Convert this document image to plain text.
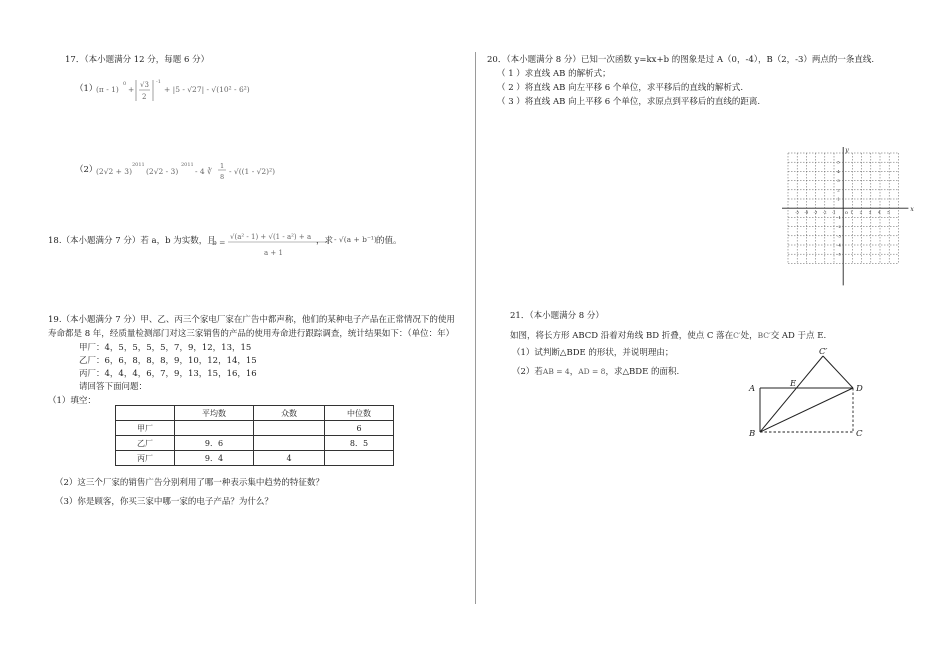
17．（本小题满分 12 分，每题 6 分）
（1）
(π - 1)
0
+ √3
2
-1
+ |5 - √27| - √(10² - 6²)
（2）
(2√2 + 3)
2011
(2√2 - 3)
2011
- 4 ∛
1
8
- √((1 - √2)²)
18.（本小题满分 7 分）若 a，b 为实数，且
b =
√(a² - 1) + √(1 - a²) + a
a + 1
，求 - √(a + b⁻¹) 的值。
19.（本小题满分 7 分）甲、乙、丙三个家电厂家在广告中都声称，他们的某种电子产品在正常情况下的使用
寿命都是 8 年，经质量检测部门对这三家销售的产品的使用寿命进行跟踪调查，统计结果如下：（单位：年）
甲厂：4，5，5，5，5，7，9，12，13，15
乙厂：6，6，8，8，8，9，10，12，14，15
丙厂：4，4，4，6，7，9，13，15，16，16
请回答下面问题：
（1）填空：
	平均数	众数	中位数
甲厂			6
乙厂	9．6		8．5
丙厂	9．4	4	
（2）这三个厂家的销售广告分别利用了哪一种表示集中趋势的特征数？
（3）你是顾客，你买三家中哪一家的电子产品？为什么？
20．（本小题满分 8 分）已知一次函数 y=kx+b 的图象是过 A（0，-4），B（2，-3）两点的一条直线.
（ 1 ）求直线 AB 的解析式；
（ 2 ）将直线 AB 向左平移 6 个单位，求平移后的直线的解析式.
（ 3 ）将直线 AB 向上平移 6 个单位，求原点到平移后的直线的距离.
x
y
O
-5 -4 -3 -2 -1	1 2 3 4 5
5
4
3
2
1
-1
-2
-3
-4
-5
21．（本小题满分 8 分）
如图，将长方形 ABCD 沿着对角线 BD 折叠，使点 C 落在C′处，BC′交 AD 于点 E.
（1）试判断△BDE 的形状，并说明理由；
（2）若AB = 4，AD = 8，求△BDE 的面积.
A
B	C
D
E
C′
